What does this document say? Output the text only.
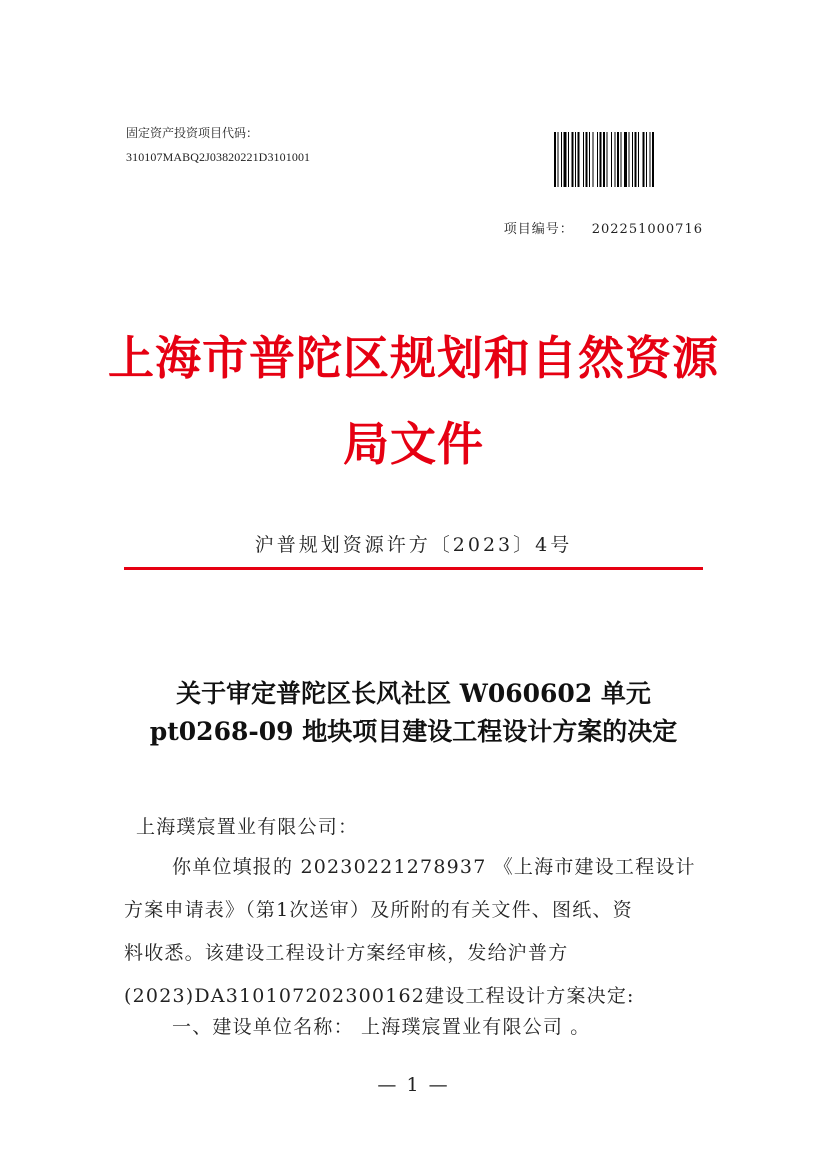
固定资产投资项目代码：
310107MABQ2J03820221D3101001
项目编号： 202251000716
上海市普陀区规划和自然资源
局文件
沪普规划资源许方〔2023〕4号
关于审定普陀区长风社区 W060602 单元
pt0268-09 地块项目建设工程设计方案的决定
上海璞宸置业有限公司：
你单位填报的 20230221278937 《上海市建设工程设计
方案申请表》（第1次送审）及所附的有关文件、图纸、资
料收悉。该建设工程设计方案经审核，发给沪普方
(2023)DA310107202300162建设工程设计方案决定:
一、建设单位名称： 上海璞宸置业有限公司 。
— 1 —
